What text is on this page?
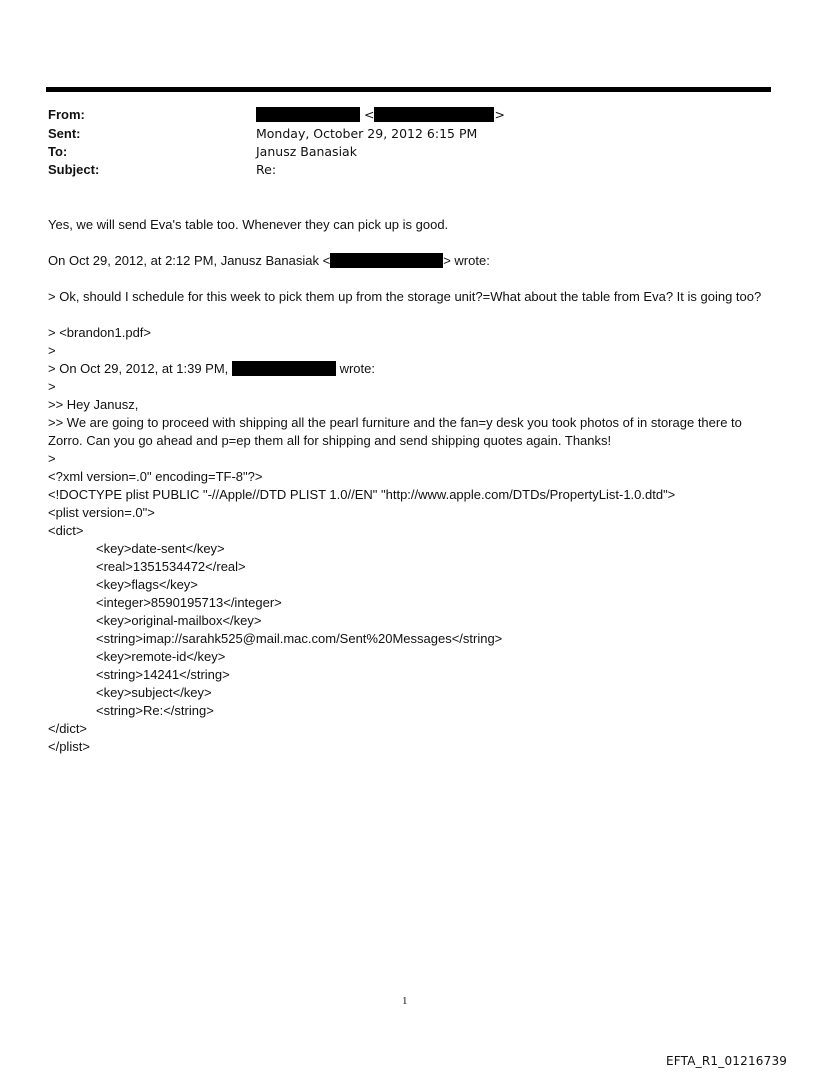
From:	<	>
Sent:	Monday, October 29, 2012 6:15 PM
To:	Janusz Banasiak
Subject:	Re:
Yes, we will send Eva's table too. Whenever they can pick up is good.
On Oct 29, 2012, at 2:12 PM, Janusz Banasiak <	> wrote:
> Ok, should I schedule for this week to pick them up from the storage unit?=What about the table from Eva? It is going too?
> <brandon1.pdf>
>
> On Oct 29, 2012, at 1:39 PM,	wrote:
>
>> Hey Janusz,
>> We are going to proceed with shipping all the pearl furniture and the fan=y desk you took photos of in storage there to Zorro. Can you go ahead and p=ep them all for shipping and send shipping quotes again. Thanks!
>
<?xml version=.0" encoding=TF-8"?>
<!DOCTYPE plist PUBLIC "-//Apple//DTD PLIST 1.0//EN" "http://www.apple.com/DTDs/PropertyList-1.0.dtd">
<plist version=.0">
<dict>
<key>date-sent</key>
<real>1351534472</real>
<key>flags</key>
<integer>8590195713</integer>
<key>original-mailbox</key>
<string>imap://sarahk525@mail.mac.com/Sent%20Messages</string>
<key>remote-id</key>
<string>14241</string>
<key>subject</key>
<string>Re:</string>
</dict>
</plist>
1
EFTA_R1_01216739
